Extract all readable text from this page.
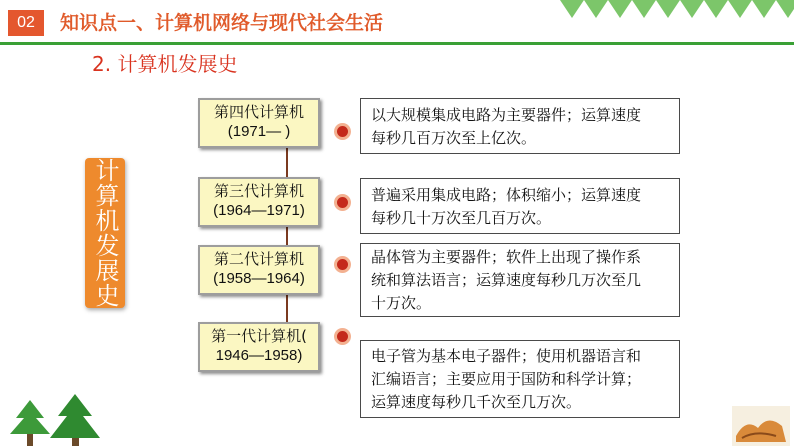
02	知识点一、计算机网络与现代社会生活
2. 计算机发展史
计算机发展史
第四代计算机
(1971— )
第三代计算机
(1964—1971)
第二代计算机
(1958—1964)
第一代计算机(
1946—1958)
以大规模集成电路为主要器件；运算速度
每秒几百万次至上亿次。
普遍采用集成电路；体积缩小；运算速度
每秒几十万次至几百万次。
晶体管为主要器件；软件上出现了操作系
统和算法语言；运算速度每秒几万次至几
十万次。
电子管为基本电子器件；使用机器语言和
汇编语言；主要应用于国防和科学计算；
运算速度每秒几千次至几万次。
